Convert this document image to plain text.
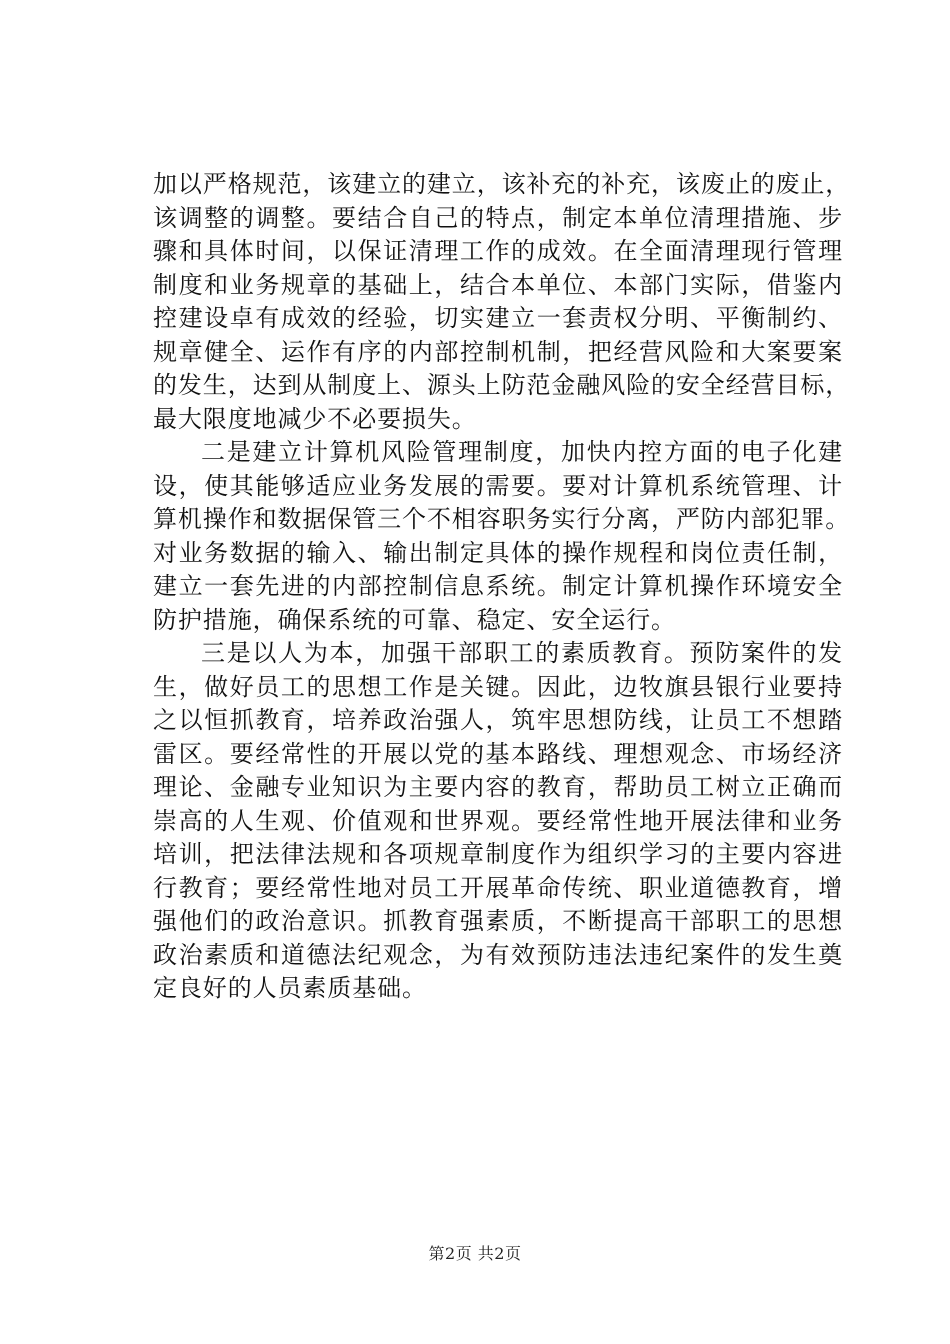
加以严格规范，该建立的建立，该补充的补充，该废止的废止，
该调整的调整。要结合自己的特点，制定本单位清理措施、步
骤和具体时间，以保证清理工作的成效。在全面清理现行管理
制度和业务规章的基础上，结合本单位、本部门实际，借鉴内
控建设卓有成效的经验，切实建立一套责权分明、平衡制约、
规章健全、运作有序的内部控制机制，把经营风险和大案要案
的发生，达到从制度上、源头上防范金融风险的安全经营目标，
最大限度地减少不必要损失。
二是建立计算机风险管理制度，加快内控方面的电子化建
设，使其能够适应业务发展的需要。要对计算机系统管理、计
算机操作和数据保管三个不相容职务实行分离，严防内部犯罪。
对业务数据的输入、输出制定具体的操作规程和岗位责任制，
建立一套先进的内部控制信息系统。制定计算机操作环境安全
防护措施，确保系统的可靠、稳定、安全运行。
三是以人为本，加强干部职工的素质教育。预防案件的发
生，做好员工的思想工作是关键。因此，边牧旗县银行业要持
之以恒抓教育，培养政治强人，筑牢思想防线，让员工不想踏
雷区。要经常性的开展以党的基本路线、理想观念、市场经济
理论、金融专业知识为主要内容的教育，帮助员工树立正确而
崇高的人生观、价值观和世界观。要经常性地开展法律和业务
培训，把法律法规和各项规章制度作为组织学习的主要内容进
行教育；要经常性地对员工开展革命传统、职业道德教育，增
强他们的政治意识。抓教育强素质，不断提高干部职工的思想
政治素质和道德法纪观念，为有效预防违法违纪案件的发生奠
定良好的人员素质基础。
第2页 共2页
